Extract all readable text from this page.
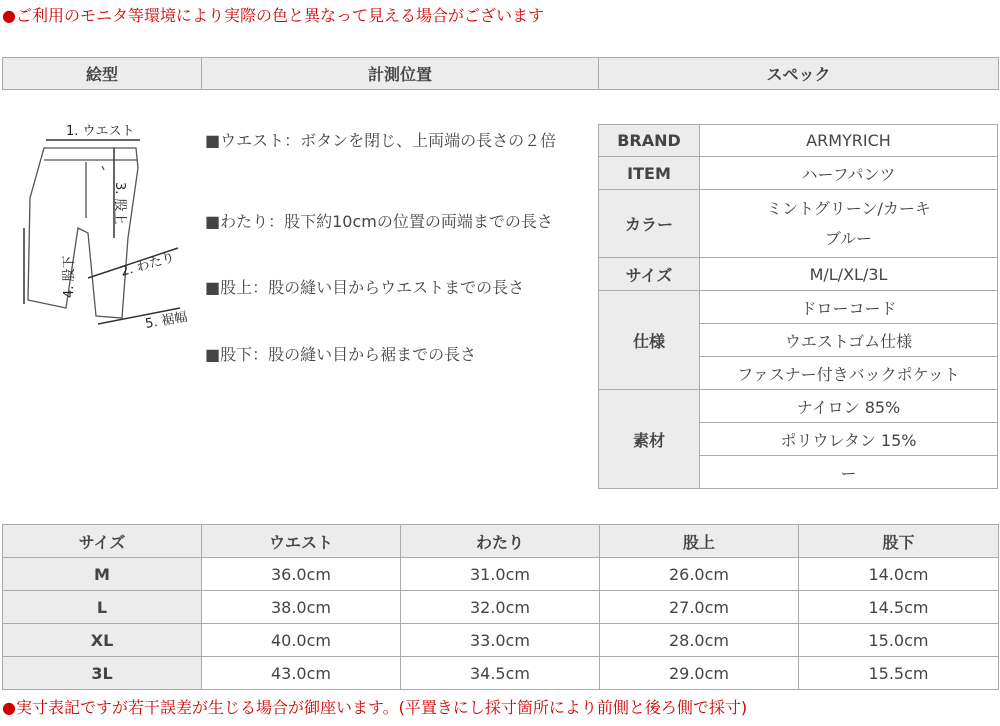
●ご利用のモニタ等環境により実際の色と異なって見える場合がございます
絵型	計測位置	スペック
1. ウエスト
3. 股上
2. わたり
4. 股下
5. 裾幅
■ウエスト：ボタンを閉じ、上両端の長さの２倍
■わたり：股下約10cmの位置の両端までの長さ
■股上：股の縫い目からウエストまでの長さ
■股下：股の縫い目から裾までの長さ
BRAND	ARMYRICH
ITEM	ハーフパンツ
カラー	ミントグリーン/カーキ
ブルー

サイズ	M/L/XL/3L
仕様	ドローコード
	ウエストゴム仕様
	ファスナー付きバックポケット
素材	ナイロン 85%
	ポリウレタン 15%
	ー
サイズ	ウエスト	わたり	股上	股下
M	36.0cm	31.0cm	26.0cm	14.0cm
L	38.0cm	32.0cm	27.0cm	14.5cm
XL	40.0cm	33.0cm	28.0cm	15.0cm
3L	43.0cm	34.5cm	29.0cm	15.5cm
●実寸表記ですが若干誤差が生じる場合が御座います。(平置きにし採寸箇所により前側と後ろ側で採寸)
